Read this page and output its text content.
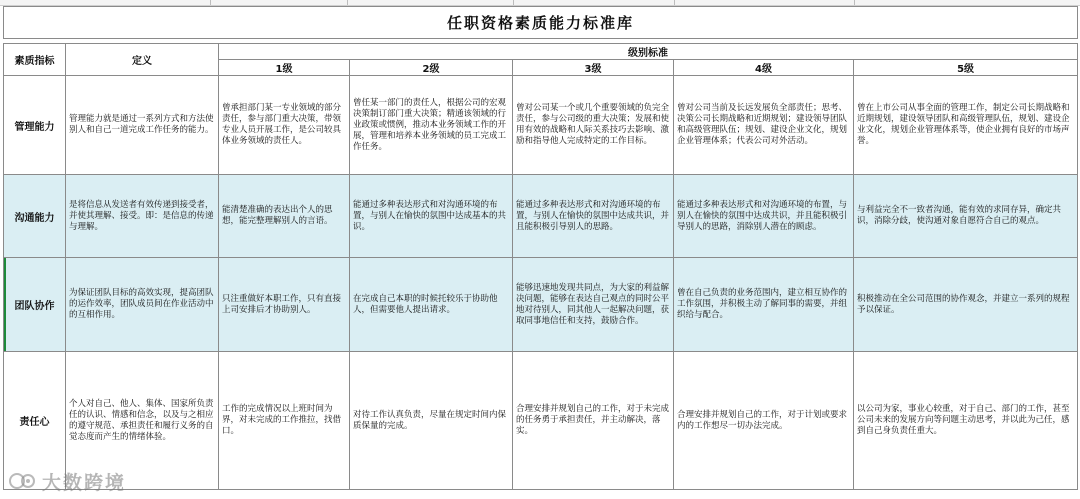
任职资格素质能力标准库						

素质指标	定义	级别标准				
		1级	2级	3级	4级	5级
管理能力	管理能力就是通过一系列方式和方法使别人和自己一道完成工作任务的能力。	曾承担部门某一专业领域的部分责任，参与部门重大决策，带领专业人员开展工作，是公司较具体业务领域的责任人。	曾任某一部门的责任人，根据公司的宏观决策制订部门重大决策；精通该领域的行业政策或惯例，推动本业务领域工作的开展，管理和培养本业务领域的员工完成工作任务。	曾对公司某一个或几个重要领域的负完全责任，参与公司级的重大决策；发展和使用有效的战略和人际关系技巧去影响、激励和指导他人完成特定的工作目标。	曾对公司当前及长远发展负全部责任；思考、决策公司长期战略和近期规划；建设领导团队和高级管理队伍；规划、建设企业文化，规划企业管理体系；代表公司对外活动。	曾在上市公司从事全面的管理工作，制定公司长期战略和近期规划，建设领导团队和高级管理队伍，规划、建设企业文化，规划企业管理体系等，使企业拥有良好的市场声誉。
沟通能力	是将信息从发送者有效传递到接受者，并使其理解、接受。即：是信息的传递与理解。	能清楚准确的表达出个人的思想，能完整理解别人的言语。	能通过多种表达形式和对沟通环境的布置，与别人在愉快的氛围中达成基本的共识。	能通过多种表达形式和对沟通环境的布置，与别人在愉快的氛围中达成共识，并且能积极引导别人的思路。	能通过多种表达形式和对沟通环境的布置，与别人在愉快的氛围中达成共识，并且能积极引导别人的思路，消除别人潜在的顾虑。	与利益完全不一致者沟通，能有效的求同存异，确定共识，消除分歧，使沟通对象自愿符合自己的观点。
团队协作	为保证团队目标的高效实现，提高团队的运作效率，团队成员间在作业活动中的互相作用。	只注重做好本职工作，只有直接上司安排后才协助别人。	在完成自己本职的时候托较乐于协助他人，但需要他人提出请求。	能够迅速地发现共同点，为大家的利益解决问题，能够在表达自己观点的同时公平地对待别人，同其他人一起解决问题，获取同事地信任和支持，鼓励合作。	曾在自己负责的业务范围内，建立相互协作的工作氛围，并积极主动了解同事的需要，并组织给与配合。	积极推动在全公司范围的协作观念，并建立一系列的规程予以保证。
责任心	个人对自己、他人、集体、国家所负责任的认识、情感和信念，以及与之相应的遵守规范、承担责任和履行义务的自觉态度而产生的情绪体验。	工作的完成情况以上班时间为界，对未完成的工作推拉，找借口。	对待工作认真负责，尽量在规定时间内保质保量的完成。	合理安排并规划自己的工作，对于未完成的任务勇于承担责任，并主动解决，落实。	合理安排并规划自己的工作，对于计划或要求内的工作想尽一切办法完成。	以公司为家，事业心较重，对于自己、部门的工作，甚至公司未来的发展方向等问题主动思考，并以此为己任，感到自己身负责任重大。
大数跨境
